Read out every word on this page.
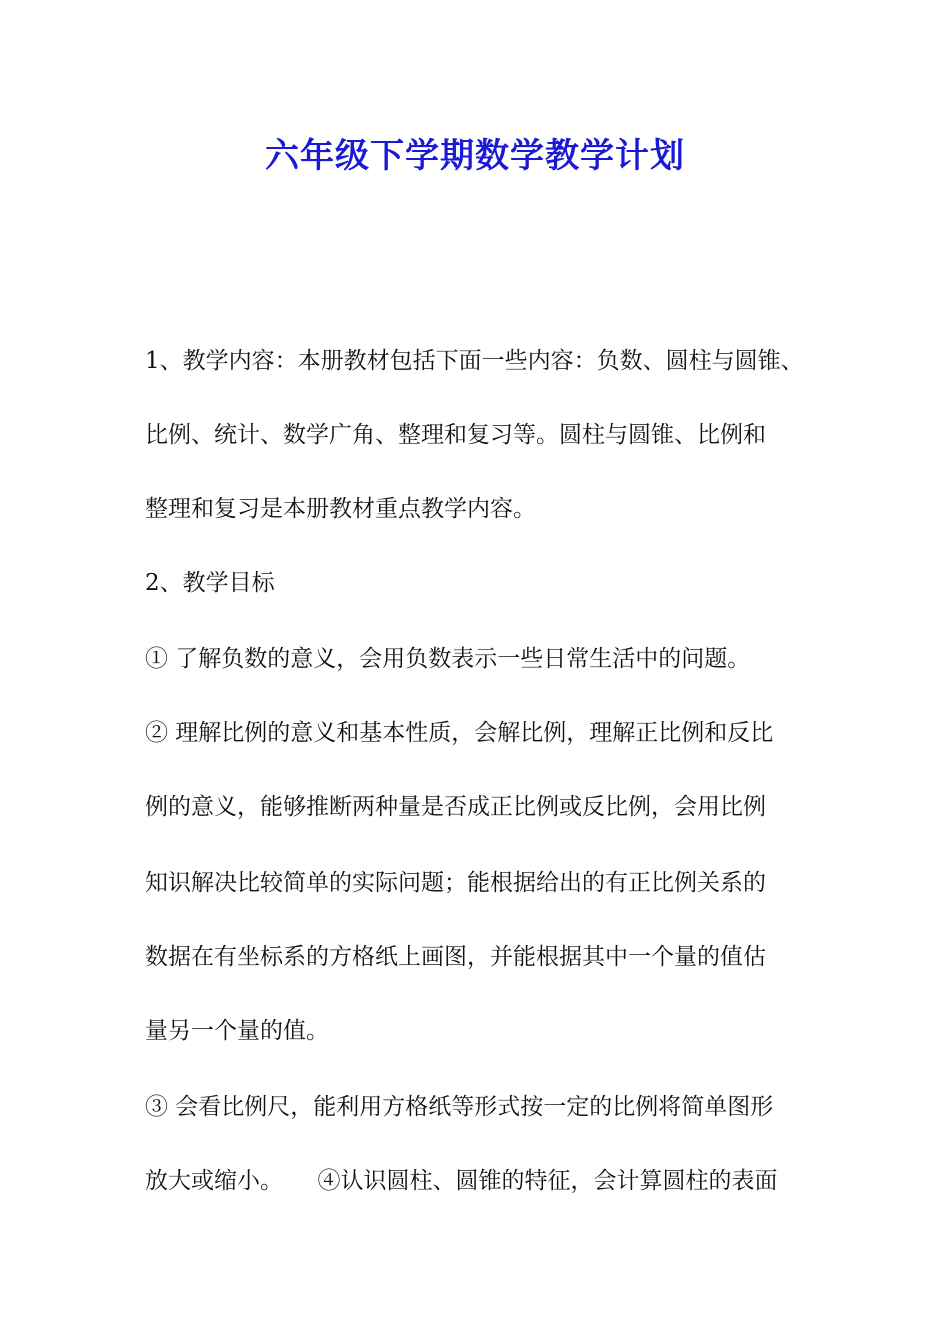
六年级下学期数学教学计划

1、教学内容：本册教材包括下面一些内容：负数、圆柱与圆锥、

比例、统计、数学广角、整理和复习等。圆柱与圆锥、比例和

整理和复习是本册教材重点教学内容。

2、教学目标

① 了解负数的意义，会用负数表示一些日常生活中的问题。

② 理解比例的意义和基本性质，会解比例，理解正比例和反比

例的意义，能够推断两种量是否成正比例或反比例，会用比例

知识解决比较简单的实际问题；能根据给出的有正比例关系的

数据在有坐标系的方格纸上画图，并能根据其中一个量的值估

量另一个量的值。

③ 会看比例尺，能利用方格纸等形式按一定的比例将简单图形

放大或缩小。　　④认识圆柱、圆锥的特征，会计算圆柱的表面
